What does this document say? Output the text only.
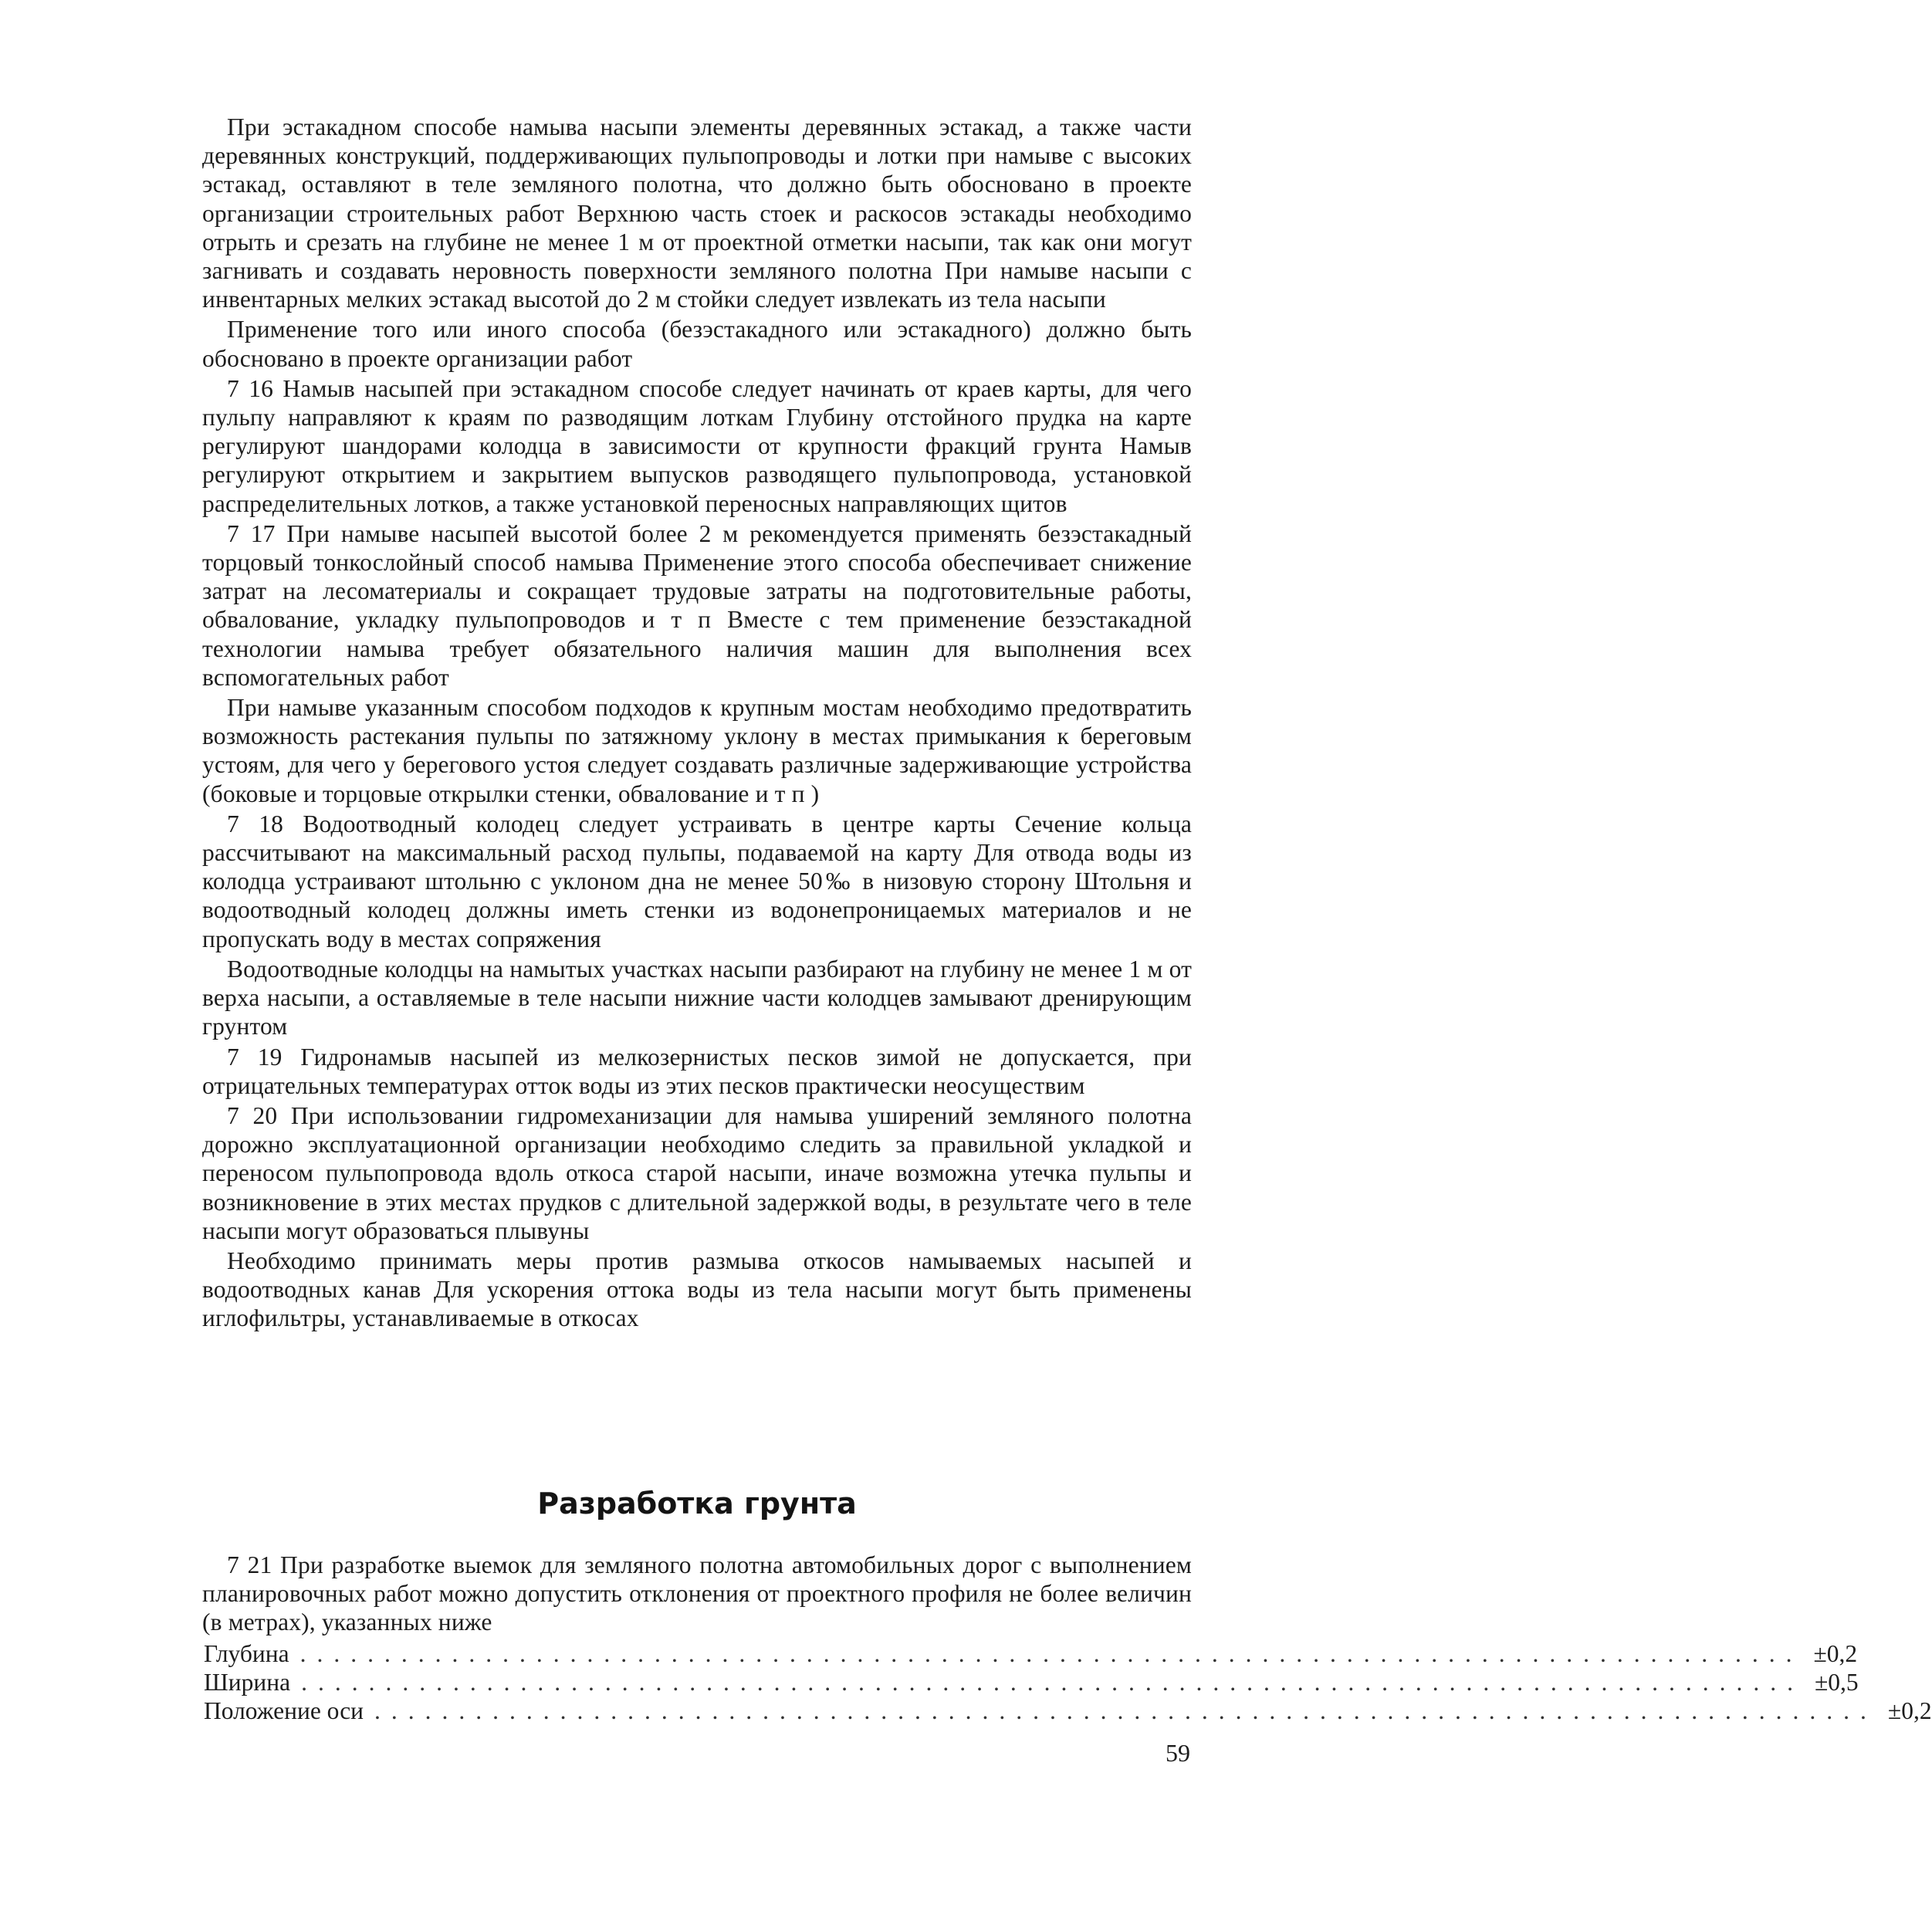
При эстакадном способе намыва насыпи элементы деревянных эстакад, а также части деревянных конструкций, поддерживающих пульпопроводы и лотки при намыве с высоких эстакад, оставляют в теле земляного полотна, что должно быть обосновано в проекте организации строительных работ Верхнюю часть стоек и раскосов эстакады необходимо отрыть и срезать на глубине не менее 1 м от проектной отметки насыпи, так как они могут загнивать и создавать неровность поверхности земляного полотна При намыве насыпи с инвентарных мелких эстакад высотой до 2 м стойки следует извлекать из тела насыпи

Применение того или иного способа (безэстакадного или эстакадного) должно быть обосновано в проекте организации работ

7 16 Намыв насыпей при эстакадном способе следует начинать от краев карты, для чего пульпу направляют к краям по разводящим лоткам Глубину отстойного прудка на карте регулируют шандорами колодца в зависимости от крупности фракций грунта Намыв регулируют открытием и закрытием выпусков разводящего пульпопровода, установкой распределительных лотков, а также установкой переносных направляющих щитов

7 17 При намыве насыпей высотой более 2 м рекомендуется применять безэстакадный торцовый тонкослойный способ намыва Применение этого способа обеспечивает снижение затрат на лесоматериалы и сокращает трудовые затраты на подготовительные работы, обвалование, укладку пульпопроводов и т п Вместе с тем применение безэстакадной технологии намыва требует обязательного наличия машин для выполнения всех вспомогательных работ

При намыве указанным способом подходов к крупным мостам необходимо предотвратить возможность растекания пульпы по затяжному уклону в местах примыкания к береговым устоям, для чего у берегового устоя следует создавать различные задерживающие устройства (боковые и торцовые открылки стенки, обвалование и т п )

7 18 Водоотводный колодец следует устраивать в центре карты Сечение кольца рассчитывают на максимальный расход пульпы, подаваемой на карту Для отвода воды из колодца устраивают штольню с уклоном дна не менее 50‰ в низовую сторону Штольня и водоотводный колодец должны иметь стенки из водонепроницаемых материалов и не пропускать воду в местах сопряжения

Водоотводные колодцы на намытых участках насыпи разбирают на глубину не менее 1 м от верха насыпи, а оставляемые в теле насыпи нижние части колодцев замывают дренирующим грунтом

7 19 Гидронамыв насыпей из мелкозернистых песков зимой не допускается, при отрицательных температурах отток воды из этих песков практически неосуществим

7 20 При использовании гидромеханизации для намыва уширений земляного полотна дорожно эксплуатационной организации необходимо следить за правильной укладкой и переносом пульпопровода вдоль откоса старой насыпи, иначе возможна утечка пульпы и возникновение в этих местах прудков с длительной задержкой воды, в результате чего в теле насыпи могут образоваться плывуны

Необходимо принимать меры против размыва откосов намываемых насыпей и водоотводных канав Для ускорения оттока воды из тела насыпи могут быть применены иглофильтры, устанавливаемые в откосах

Разработка грунта

7 21 При разработке выемок для земляного полотна автомобильных дорог с выполнением планировочных работ можно допустить отклонения от проектного профиля не более величин (в метрах), указанных ниже

Глубина ......................................................................................... ±0,2
Ширина ......................................................................................... ±0,5
Положение оси ......................................................................................... ±0,2
59
